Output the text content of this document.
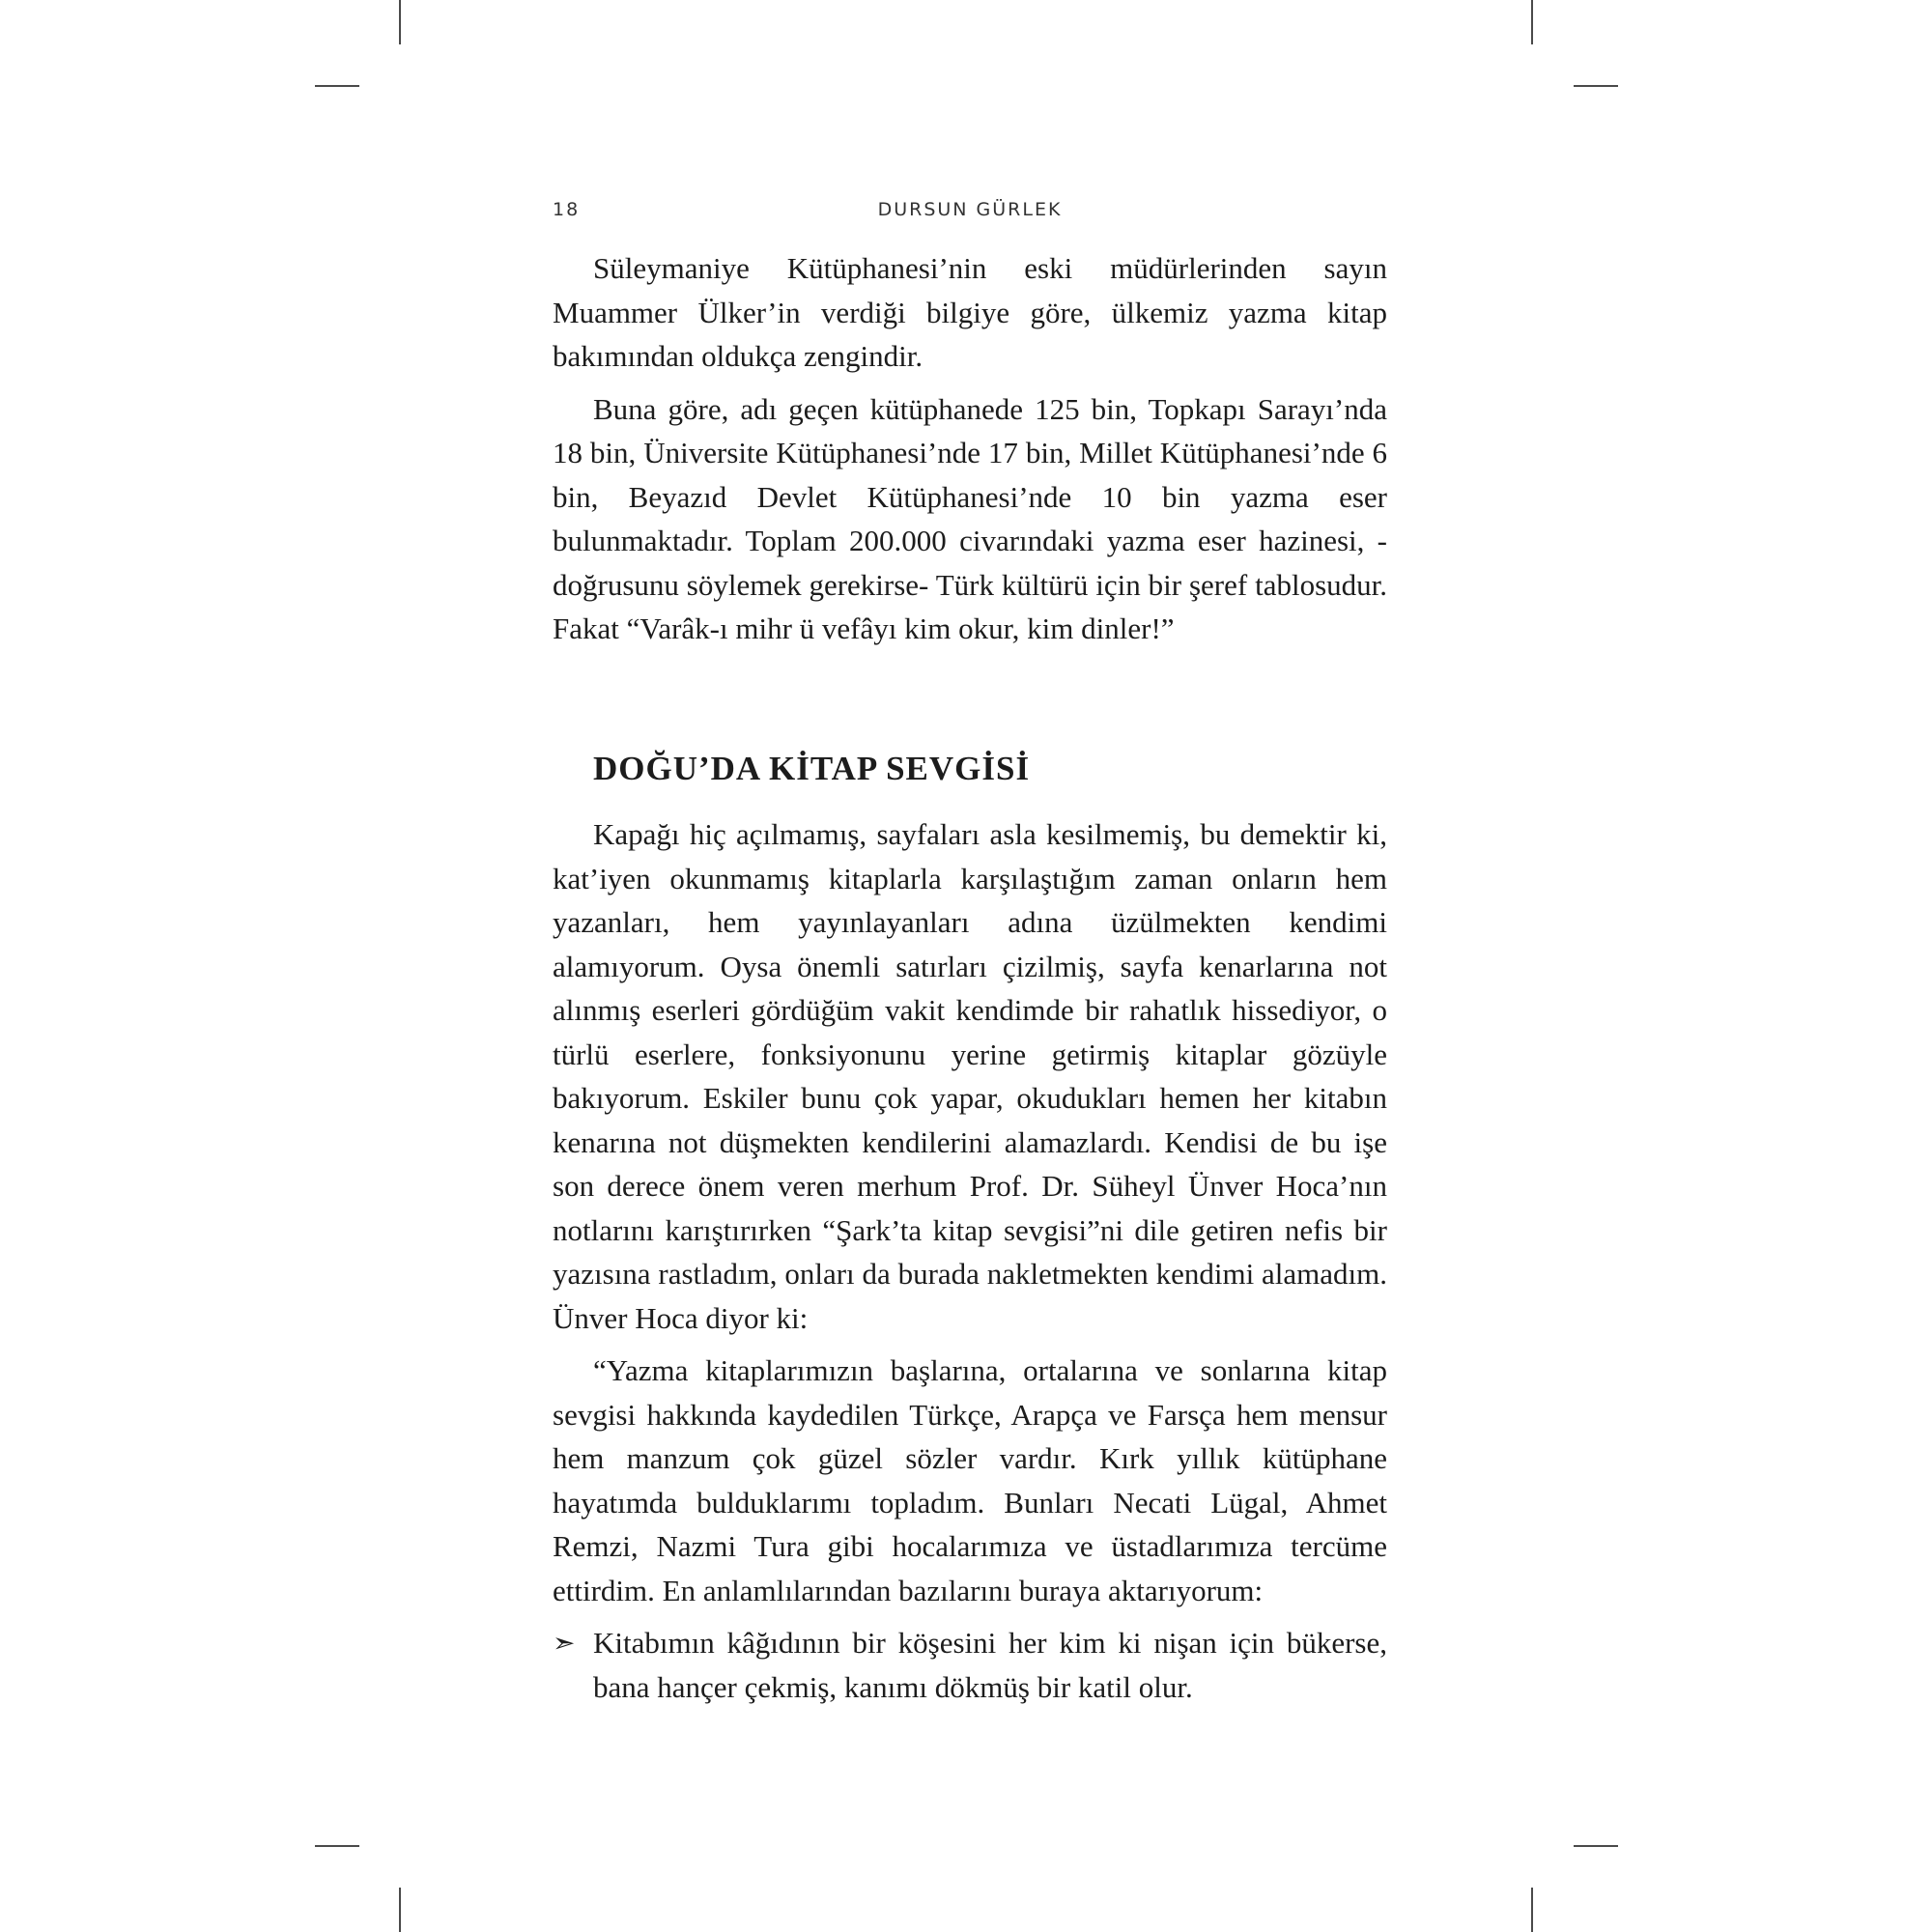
18	DURSUN GÜRLEK

Süleymaniye Kütüphanesi’nin eski müdürlerinden sayın Muammer Ülker’in verdiği bilgiye göre, ülkemiz yazma kitap bakımından oldukça zengindir.

Buna göre, adı geçen kütüphanede 125 bin, Topkapı Sarayı’nda 18 bin, Üniversite Kütüphanesi’nde 17 bin, Millet Kütüphanesi’nde 6 bin, Beyazıd Devlet Kütüphanesi’nde 10 bin yazma eser bulunmaktadır. Toplam 200.000 civarındaki yazma eser hazinesi, -doğrusunu söylemek gerekirse- Türk kültürü için bir şeref tablosudur. Fakat “Varâk-ı mihr ü vefâyı kim okur, kim dinler!”

DOĞU’DA KİTAP SEVGİSİ

Kapağı hiç açılmamış, sayfaları asla kesilmemiş, bu demektir ki, kat’iyen okunmamış kitaplarla karşılaştığım zaman onların hem yazanları, hem yayınlayanları adına üzülmekten kendimi alamıyorum. Oysa önemli satırları çizilmiş, sayfa kenarlarına not alınmış eserleri gördüğüm vakit kendimde bir rahatlık hissediyor, o türlü eserlere, fonksiyonunu yerine getirmiş kitaplar gözüyle bakıyorum. Eskiler bunu çok yapar, okudukları hemen her kitabın kenarına not düşmekten kendilerini alamazlardı. Kendisi de bu işe son derece önem veren merhum Prof. Dr. Süheyl Ünver Hoca’nın notlarını karıştırırken “Şark’ta kitap sevgisi”ni dile getiren nefis bir yazısına rastladım, onları da burada nakletmekten kendimi alamadım. Ünver Hoca diyor ki:

“Yazma kitaplarımızın başlarına, ortalarına ve sonlarına kitap sevgisi hakkında kaydedilen Türkçe, Arapça ve Farsça hem mensur hem manzum çok güzel sözler vardır. Kırk yıllık kütüphane hayatımda bulduklarımı topladım. Bunları Necati Lügal, Ahmet Remzi, Nazmi Tura gibi hocalarımıza ve üstadlarımıza tercüme ettirdim. En anlamlılarından bazılarını buraya aktarıyorum:

➣ Kitabımın kâğıdının bir köşesini her kim ki nişan için bükerse, bana hançer çekmiş, kanımı dökmüş bir katil olur.
